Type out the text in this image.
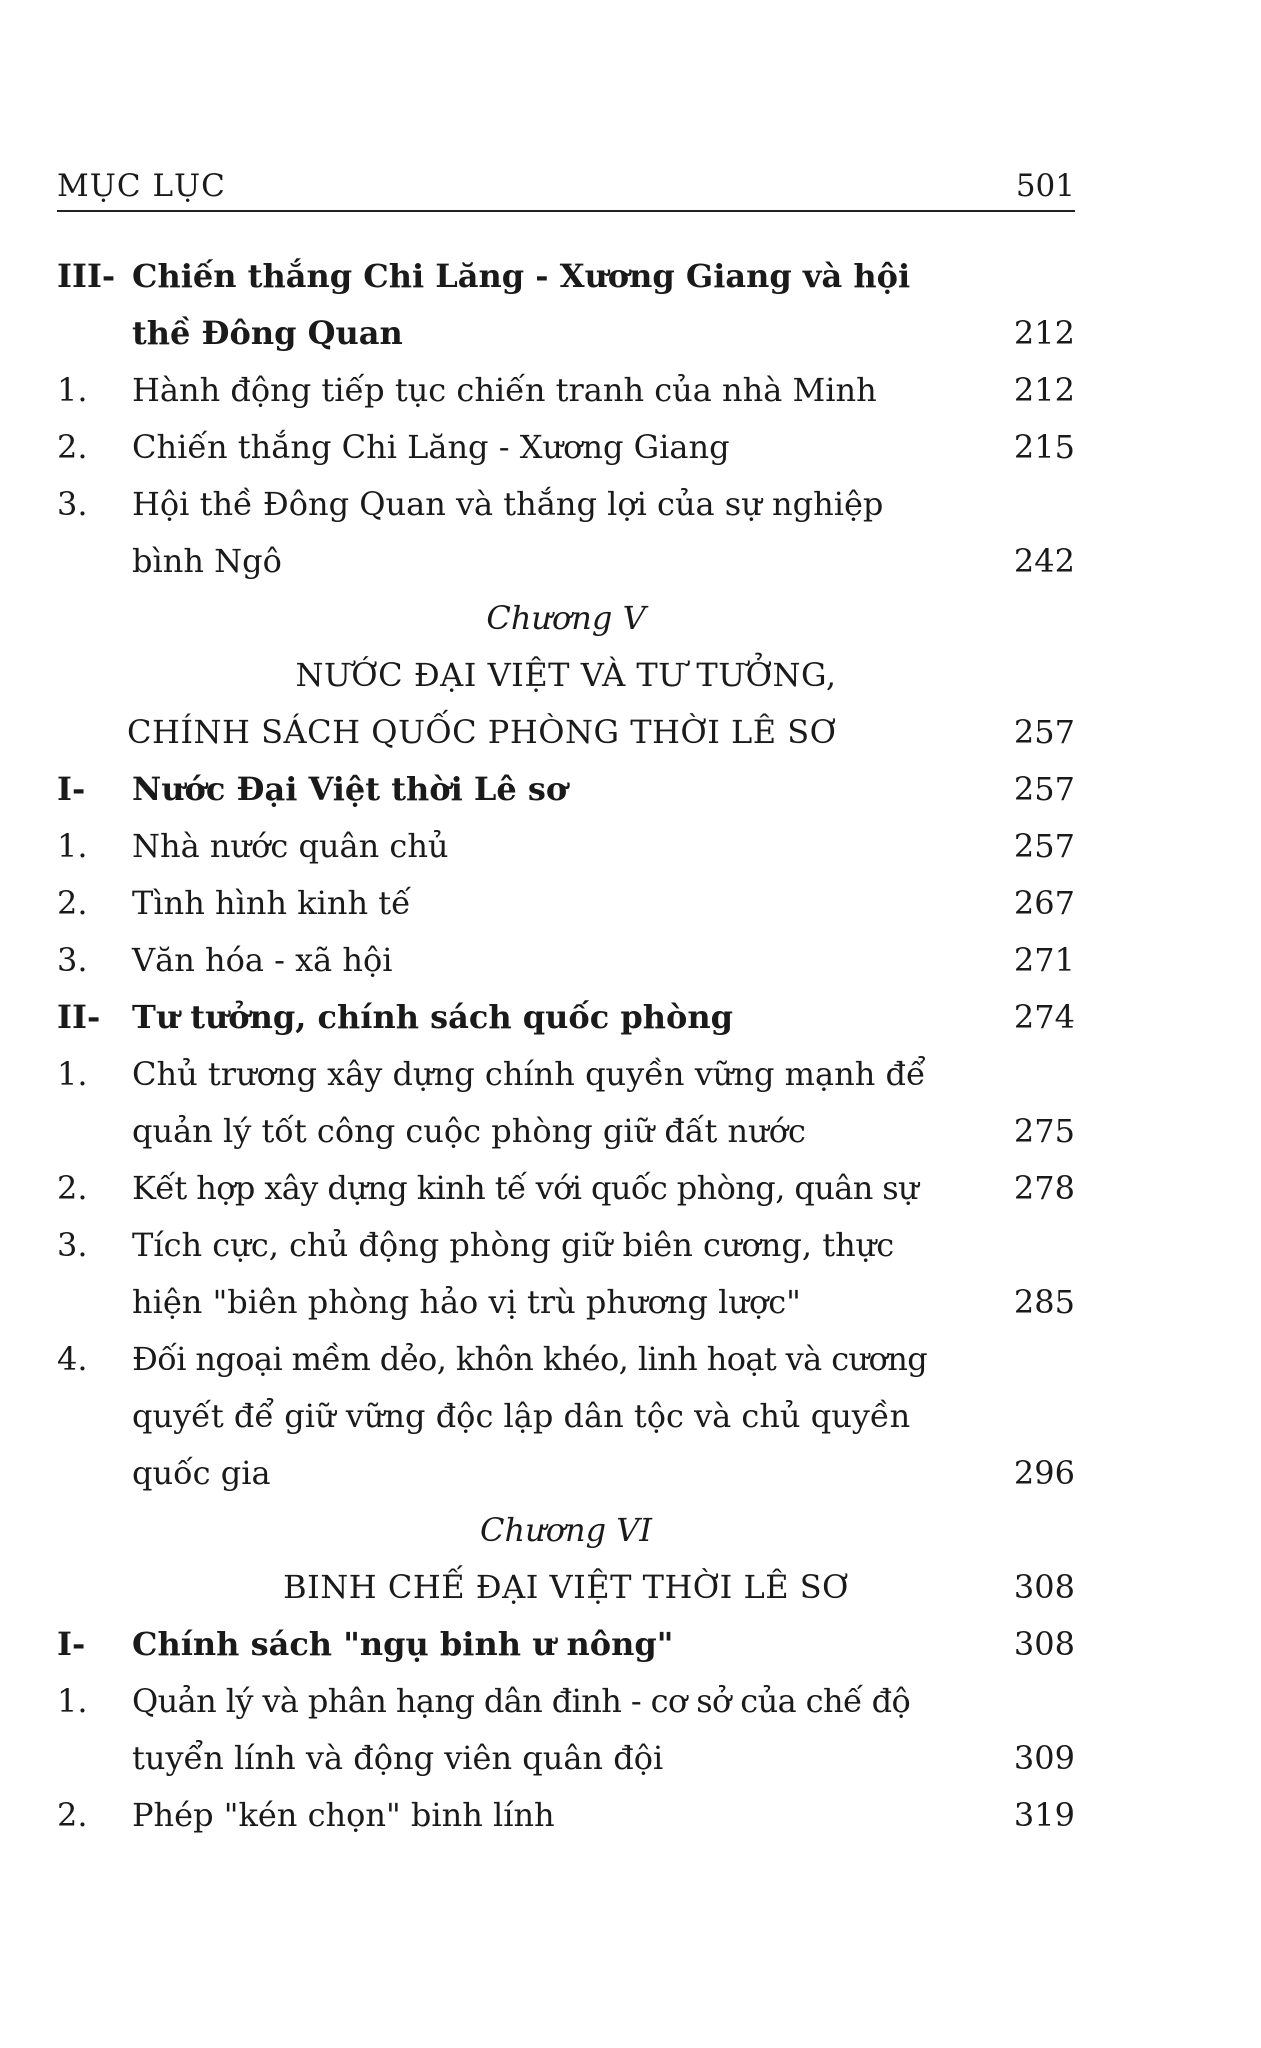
MỤC LỤC	501
III- Chiến thắng Chi Lăng - Xương Giang và hội
thề Đông Quan	212
1. Hành động tiếp tục chiến tranh của nhà Minh	212
2. Chiến thắng Chi Lăng - Xương Giang	215
3. Hội thề Đông Quan và thắng lợi của sự nghiệp
bình Ngô	242
Chương V
NƯỚC ĐẠI VIỆT VÀ TƯ TƯỞNG,
CHÍNH SÁCH QUỐC PHÒNG THỜI LÊ SƠ	257
I- Nước Đại Việt thời Lê sơ	257
1. Nhà nước quân chủ	257
2. Tình hình kinh tế	267
3. Văn hóa - xã hội	271
II- Tư tưởng, chính sách quốc phòng	274
1. Chủ trương xây dựng chính quyền vững mạnh để
quản lý tốt công cuộc phòng giữ đất nước	275
2. Kết hợp xây dựng kinh tế với quốc phòng, quân sự	278
3. Tích cực, chủ động phòng giữ biên cương, thực
hiện "biên phòng hảo vị trù phương lược"	285
4. Đối ngoại mềm dẻo, khôn khéo, linh hoạt và cương
quyết để giữ vững độc lập dân tộc và chủ quyền
quốc gia	296
Chương VI
BINH CHẾ ĐẠI VIỆT THỜI LÊ SƠ	308
I- Chính sách "ngụ binh ư nông"	308
1. Quản lý và phân hạng dân đinh - cơ sở của chế độ
tuyển lính và động viên quân đội	309
2. Phép "kén chọn" binh lính	319
